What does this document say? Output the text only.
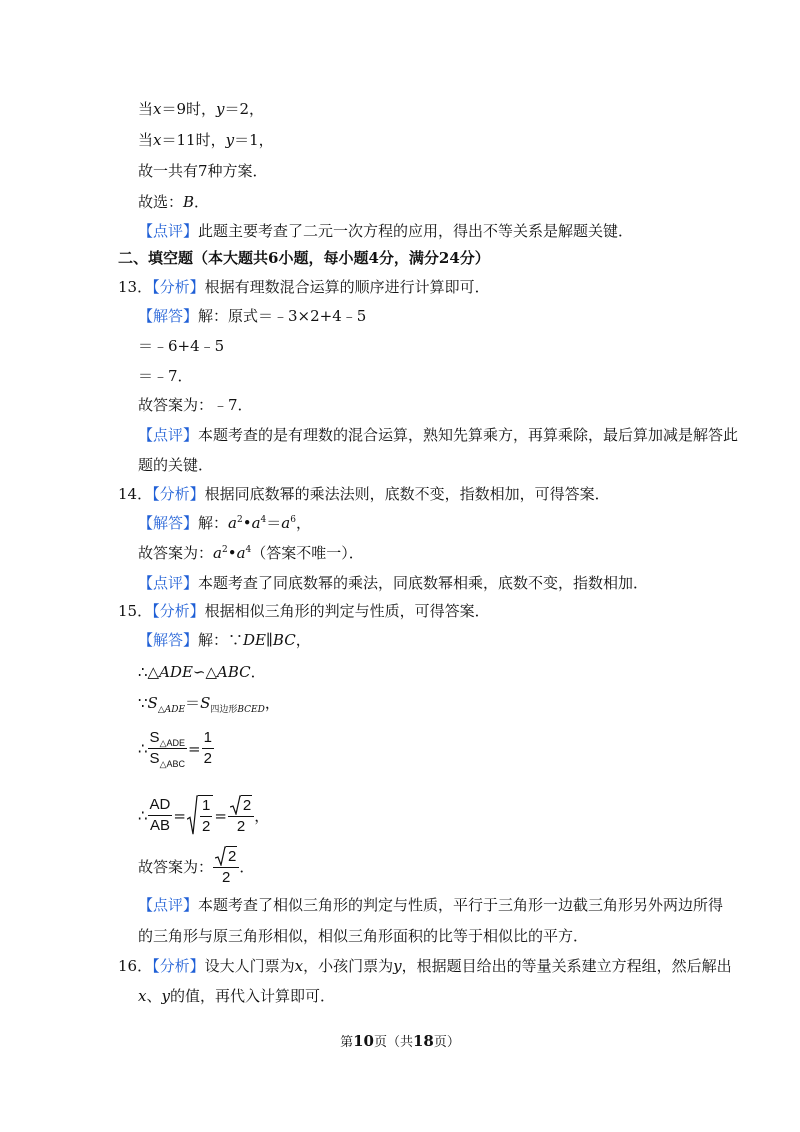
当x＝9时，y＝2，
当x＝11时，y＝1，
故一共有7种方案．
故选：B．
【点评】此题主要考查了二元一次方程的应用，得出不等关系是解题关键．
二、填空题（本大题共6小题，每小题4分，满分24分）
13．【分析】根据有理数混合运算的顺序进行计算即可．
【解答】解：原式＝﹣3×2+4﹣5
＝﹣6+4﹣5
＝﹣7．
故答案为：﹣7．
【点评】本题考查的是有理数的混合运算，熟知先算乘方，再算乘除，最后算加减是解答此
题的关键．
14．【分析】根据同底数幂的乘法法则，底数不变，指数相加，可得答案．
【解答】解：$a^2•a^4=a^6$，
故答案为：$a^2•a^4$（答案不唯一）．
【点评】本题考查了同底数幂的乘法，同底数幂相乘，底数不变，指数相加．
15．【分析】根据相似三角形的判定与性质，可得答案．
【解答】解：∵DE∥BC，
∴△ADE∽△ABC．
$\because S_{\triangle ADE}=S_{四边形BCED}$，
∴ $\frac{S_{\triangle ADE}}{S_{\triangle ABC}} = \frac{1}{2}$
∴ $\frac{AD}{AB} = \frac{1}{2} = \frac{2}{2}$ ，
故答案为： $\frac{2}{2}$ ．
【点评】本题考查了相似三角形的判定与性质，平行于三角形一边截三角形另外两边所得
的三角形与原三角形相似，相似三角形面积的比等于相似比的平方．
16．【分析】设大人门票为x，小孩门票为y，根据题目给出的等量关系建立方程组，然后解出
x、y的值，再代入计算即可．
第10页（共18页）
